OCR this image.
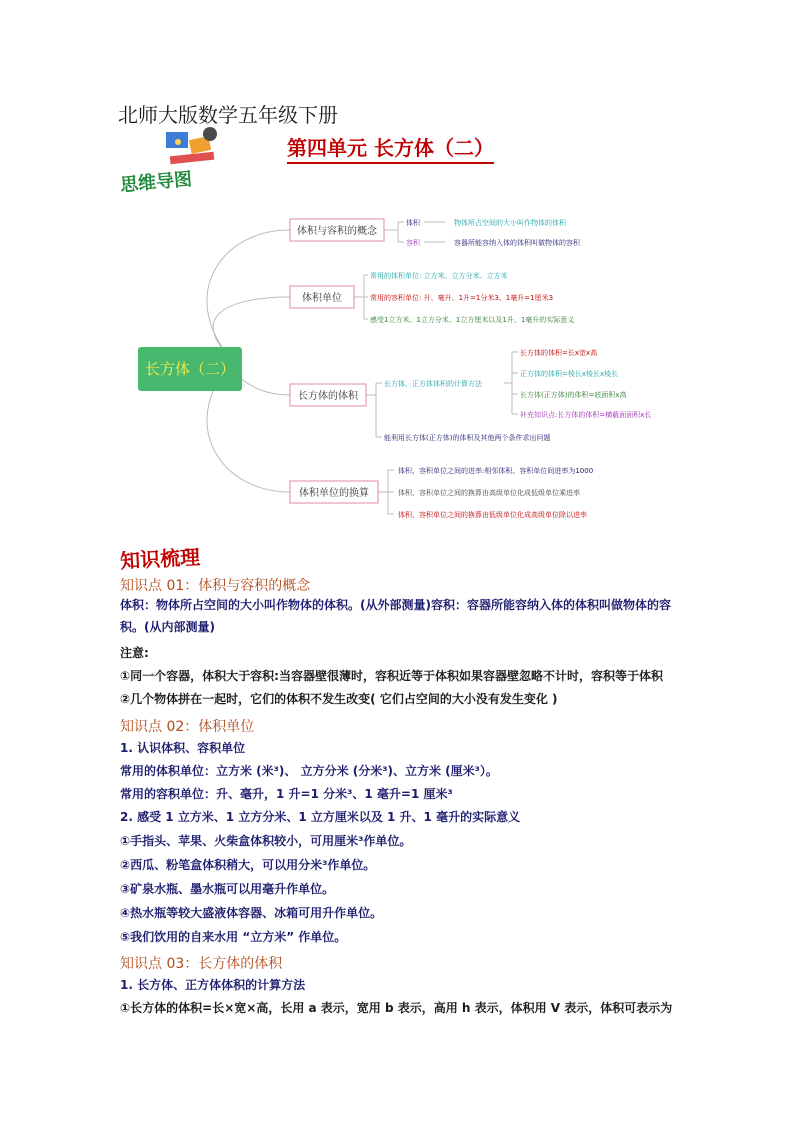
北师大版数学五年级下册
思维导图
第四单元 长方体（二）
长方体（二）
体积与容积的概念
体积
容积
物体所占空间的大小叫作物体的体积
容器所能容纳入体的体积叫做物体的容积
体积单位
常用的体积单位: 立方米、立方分米、立方米
常用的容积单位: 升、毫升、1升=1分米3、1毫升=1厘米3
感受1立方米、1立方分米、1立方厘米以及1升、1毫升的实际意义
长方体的体积
长方体、正方体体积的计算方法
长方体的体积=长x宽x高
正方体的体积=棱长x棱长x棱长
长方体(正方体)的体积=底面积x高
补充知识点:长方体的体积=横截面面积x长
能利用长方体(正方体)的体积及其他两个条件求出问题
体积单位的换算
体积、容积单位之间的进率:相邻体积、容积单位间进率为1000
体积、容积单位之间的换算由高级单位化成低级单位乘进率
体积、容积单位之间的换算由低级单位化成高级单位除以进率
知识梳理
知识点 01：体积与容积的概念
体积：物体所占空间的大小叫作物体的体积。(从外部测量)容积：容器所能容纳入体的体积叫做物体的容积。(从内部测量)
注意:
①同一个容器，体积大于容积:当容器壁很薄时，容积近等于体积如果容器壁忽略不计时，容积等于体积
②几个物体拼在一起时，它们的体积不发生改变( 它们占空间的大小没有发生变化 )
知识点 02：体积单位
1. 认识体积、容积单位
常用的体积单位：立方米 (米³)、 立方分米 (分米³)、立方米 (厘米³）。
常用的容积单位：升、毫升，1 升=1 分米³、1 毫升=1 厘米³
2. 感受 1 立方米、1 立方分米、1 立方厘米以及 1 升、1 毫升的实际意义
①手指头、苹果、火柴盒体积较小，可用厘米³作单位。
②西瓜、粉笔盒体积稍大，可以用分米³作单位。
③矿泉水瓶、墨水瓶可以用毫升作单位。
④热水瓶等较大盛液体容器、冰箱可用升作单位。
⑤我们饮用的自来水用 “立方米” 作单位。
知识点 03：长方体的体积
1. 长方体、正方体体积的计算方法
①长方体的体积=长×宽×高，长用 a 表示，宽用 b 表示，高用 h 表示，体积用 V 表示，体积可表示为
